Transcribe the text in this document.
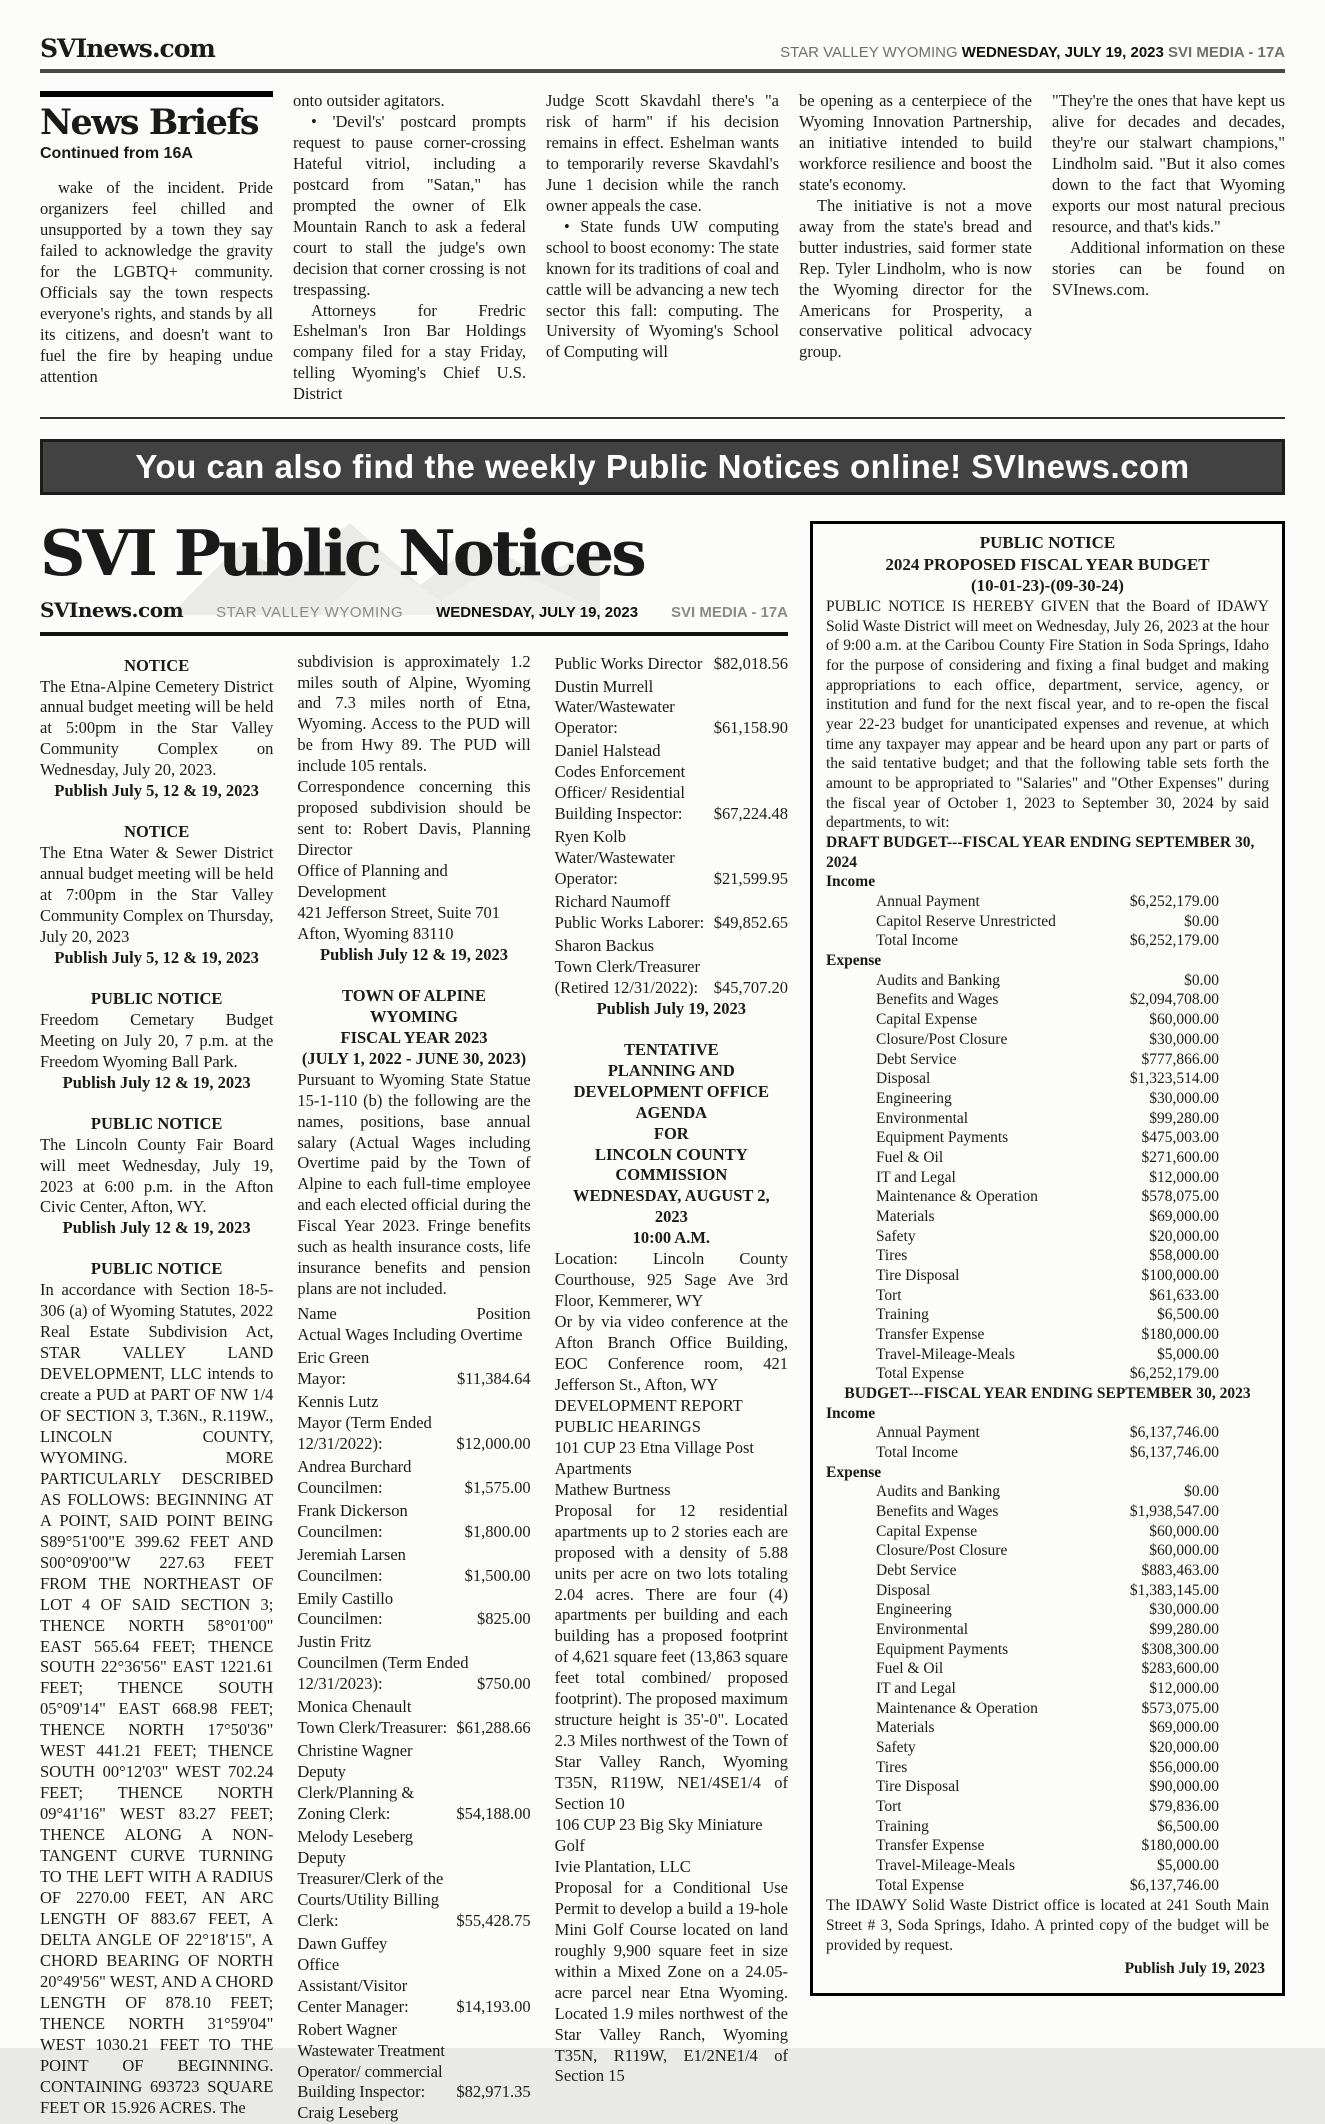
SVInews.com	STAR VALLEY WYOMING WEDNESDAY, JULY 19, 2023 SVI MEDIA - 17A
News Briefs
Continued from 16A
wake of the incident. Pride organizers feel chilled and unsupported by a town they say failed to acknowledge the gravity for the LGBTQ+ community. Officials say the town respects everyone's rights, and stands by all its citizens, and doesn't want to fuel the fire by heaping undue attention
onto outsider agitators.
• 'Devil's' postcard prompts request to pause corner-crossing Hateful vitriol, including a postcard from "Satan," has prompted the owner of Elk Mountain Ranch to ask a federal court to stall the judge's own decision that corner crossing is not trespassing.
Attorneys for Fredric Eshelman's Iron Bar Holdings company filed for a stay Friday, telling Wyoming's Chief U.S. District
Judge Scott Skavdahl there's "a risk of harm" if his decision remains in effect. Eshelman wants to temporarily reverse Skavdahl's June 1 decision while the ranch owner appeals the case.
• State funds UW computing school to boost economy: The state known for its traditions of coal and cattle will be advancing a new tech sector this fall: computing. The University of Wyoming's School of Computing will
be opening as a centerpiece of the Wyoming Innovation Partnership, an initiative intended to build workforce resilience and boost the state's economy.
The initiative is not a move away from the state's bread and butter industries, said former state Rep. Tyler Lindholm, who is now the Wyoming director for the Americans for Prosperity, a conservative political advocacy group.
"They're the ones that have kept us alive for decades and decades, they're our stalwart champions," Lindholm said. "But it also comes down to the fact that Wyoming exports our most natural precious resource, and that's kids."
Additional information on these stories can be found on SVInews.com.
You can also find the weekly Public Notices online! SVInews.com
SVI Public Notices
SVInews.com STAR VALLEY WYOMING WEDNESDAY, JULY 19, 2023 SVI MEDIA - 17A
NOTICE
The Etna-Alpine Cemetery District annual budget meeting will be held at 5:00pm in the Star Valley Community Complex on Wednesday, July 20, 2023.
Publish July 5, 12 & 19, 2023
NOTICE
The Etna Water & Sewer District annual budget meeting will be held at 7:00pm in the Star Valley Community Complex on Thursday, July 20, 2023
Publish July 5, 12 & 19, 2023
PUBLIC NOTICE
Freedom Cemetary Budget Meeting on July 20, 7 p.m. at the Freedom Wyoming Ball Park.
Publish July 12 & 19, 2023
PUBLIC NOTICE
The Lincoln County Fair Board will meet Wednesday, July 19, 2023 at 6:00 p.m. in the Afton Civic Center, Afton, WY.
Publish July 12 & 19, 2023
PUBLIC NOTICE
In accordance with Section 18-5-306 (a) of Wyoming Statutes, 2022 Real Estate Subdivision Act, STAR VALLEY LAND DEVELOPMENT, LLC intends to create a PUD at PART OF NW 1/4 OF SECTION 3, T.36N., R.119W., LINCOLN COUNTY, WYOMING. MORE PARTICULARLY DESCRIBED AS FOLLOWS: BEGINNING AT A POINT, SAID POINT BEING S89°51'00"E 399.62 FEET AND S00°09'00"W 227.63 FEET FROM THE NORTHEAST OF LOT 4 OF SAID SECTION 3; THENCE NORTH 58°01'00" EAST 565.64 FEET; THENCE SOUTH 22°36'56" EAST 1221.61 FEET; THENCE SOUTH 05°09'14" EAST 668.98 FEET; THENCE NORTH 17°50'36" WEST 441.21 FEET; THENCE SOUTH 00°12'03" WEST 702.24 FEET; THENCE NORTH 09°41'16" WEST 83.27 FEET; THENCE ALONG A NON-TANGENT CURVE TURNING TO THE LEFT WITH A RADIUS OF 2270.00 FEET, AN ARC LENGTH OF 883.67 FEET, A DELTA ANGLE OF 22°18'15", A CHORD BEARING OF NORTH 20°49'56" WEST, AND A CHORD LENGTH OF 878.10 FEET; THENCE NORTH 31°59'04" WEST 1030.21 FEET TO THE POINT OF BEGINNING. CONTAINING 693723 SQUARE FEET OR 15.926 ACRES. The
subdivision is approximately 1.2 miles south of Alpine, Wyoming and 7.3 miles north of Etna, Wyoming. Access to the PUD will be from Hwy 89. The PUD will include 105 rentals.
Correspondence concerning this proposed subdivision should be sent to: Robert Davis, Planning Director
Office of Planning and Development
421 Jefferson Street, Suite 701
Afton, Wyoming 83110
Publish July 12 & 19, 2023
TOWN OF ALPINE WYOMING
FISCAL YEAR 2023
(JULY 1, 2022 - JUNE 30, 2023)
Pursuant to Wyoming State Statue 15-1-110 (b) the following are the names, positions, base annual salary (Actual Wages including Overtime paid by the Town of Alpine to each full-time employee and each elected official during the Fiscal Year 2023. Fringe benefits such as health insurance costs, life insurance benefits and pension plans are not included.
Name	Position
Actual Wages Including Overtime
Eric Green
Mayor:	$11,384.64
Kennis Lutz
Mayor (Term Ended 12/31/2022):	$12,000.00
Andrea Burchard
Councilmen:	$1,575.00
Frank Dickerson
Councilmen:	$1,800.00
Jeremiah Larsen
Councilmen:	$1,500.00
Emily Castillo
Councilmen:	$825.00
Justin Fritz
Councilmen (Term Ended 12/31/2023):	$750.00
Monica Chenault
Town Clerk/Treasurer: $61,288.66
Christine Wagner
Deputy Clerk/Planning & Zoning Clerk:	$54,188.00
Melody Leseberg
Deputy Treasurer/Clerk of the Courts/Utility Billing Clerk:	$55,428.75
Dawn Guffey
Office Assistant/Visitor Center Manager:	$14,193.00
Robert Wagner
Wastewater Treatment Operator/ commercial Building Inspector:	$82,971.35
Craig Leseberg
Public Works Director $82,018.56
Dustin Murrell
Water/Wastewater Operator:	$61,158.90
Daniel Halstead
Codes Enforcement Officer/ Residential Building Inspector:	$67,224.48
Ryen Kolb
Water/Wastewater Operator:	$21,599.95
Richard Naumoff
Public Works Laborer: $49,852.65
Sharon Backus
Town Clerk/Treasurer (Retired 12/31/2022): $45,707.20
Publish July 19, 2023
TENTATIVE
PLANNING AND
DEVELOPMENT OFFICE
AGENDA
FOR
LINCOLN COUNTY
COMMISSION
WEDNESDAY, AUGUST 2, 2023
10:00 A.M.
Location: Lincoln County Courthouse, 925 Sage Ave 3rd Floor, Kemmerer, WY
Or by via video conference at the Afton Branch Office Building, EOC Conference room, 421 Jefferson St., Afton, WY
DEVELOPMENT REPORT
PUBLIC HEARINGS
101 CUP 23 Etna Village Post Apartments
Mathew Burtness
Proposal for 12 residential apartments up to 2 stories each are proposed with a density of 5.88 units per acre on two lots totaling 2.04 acres. There are four (4) apartments per building and each building has a proposed footprint of 4,621 square feet (13,863 square feet total combined/ proposed footprint). The proposed maximum structure height is 35'-0". Located 2.3 Miles northwest of the Town of Star Valley Ranch, Wyoming T35N, R119W, NE1/4SE1/4 of Section 10
106 CUP 23 Big Sky Miniature Golf
Ivie Plantation, LLC
Proposal for a Conditional Use Permit to develop a build a 19-hole Mini Golf Course located on land roughly 9,900 square feet in size within a Mixed Zone on a 24.05-acre parcel near Etna Wyoming. Located 1.9 miles northwest of the Star Valley Ranch, Wyoming T35N, R119W, E1/2NE1/4 of Section 15
PUBLIC NOTICE
2024 PROPOSED FISCAL YEAR BUDGET
(10-01-23)-(09-30-24)
PUBLIC NOTICE IS HEREBY GIVEN that the Board of IDAWY Solid Waste District will meet on Wednesday, July 26, 2023 at the hour of 9:00 a.m. at the Caribou County Fire Station in Soda Springs, Idaho for the purpose of considering and fixing a final budget and making appropriations to each office, department, service, agency, or institution and fund for the next fiscal year, and to re-open the fiscal year 22-23 budget for unanticipated expenses and revenue, at which time any taxpayer may appear and be heard upon any part or parts of the said tentative budget; and that the following table sets forth the amount to be appropriated to "Salaries" and "Other Expenses" during the fiscal year of October 1, 2023 to September 30, 2024 by said departments, to wit:
DRAFT BUDGET---FISCAL YEAR ENDING SEPTEMBER 30, 2024
Income
Annual Payment	$6,252,179.00
Capitol Reserve Unrestricted	$0.00
Total Income	$6,252,179.00
Expense
Audits and Banking	$0.00
Benefits and Wages	$2,094,708.00
Capital Expense	$60,000.00
Closure/Post Closure	$30,000.00
Debt Service	$777,866.00
Disposal	$1,323,514.00
Engineering	$30,000.00
Environmental	$99,280.00
Equipment Payments	$475,003.00
Fuel & Oil	$271,600.00
IT and Legal	$12,000.00
Maintenance & Operation	$578,075.00
Materials	$69,000.00
Safety	$20,000.00
Tires	$58,000.00
Tire Disposal	$100,000.00
Tort	$61,633.00
Training	$6,500.00
Transfer Expense	$180,000.00
Travel-Mileage-Meals	$5,000.00
Total Expense	$6,252,179.00
BUDGET---FISCAL YEAR ENDING SEPTEMBER 30, 2023
Income
Annual Payment	$6,137,746.00
Total Income	$6,137,746.00
Expense
Audits and Banking	$0.00
Benefits and Wages	$1,938,547.00
Capital Expense	$60,000.00
Closure/Post Closure	$60,000.00
Debt Service	$883,463.00
Disposal	$1,383,145.00
Engineering	$30,000.00
Environmental	$99,280.00
Equipment Payments	$308,300.00
Fuel & Oil	$283,600.00
IT and Legal	$12,000.00
Maintenance & Operation	$573,075.00
Materials	$69,000.00
Safety	$20,000.00
Tires	$56,000.00
Tire Disposal	$90,000.00
Tort	$79,836.00
Training	$6,500.00
Transfer Expense	$180,000.00
Travel-Mileage-Meals	$5,000.00
Total Expense	$6,137,746.00
The IDAWY Solid Waste District office is located at 241 South Main Street # 3, Soda Springs, Idaho. A printed copy of the budget will be provided by request.
Publish July 19, 2023
